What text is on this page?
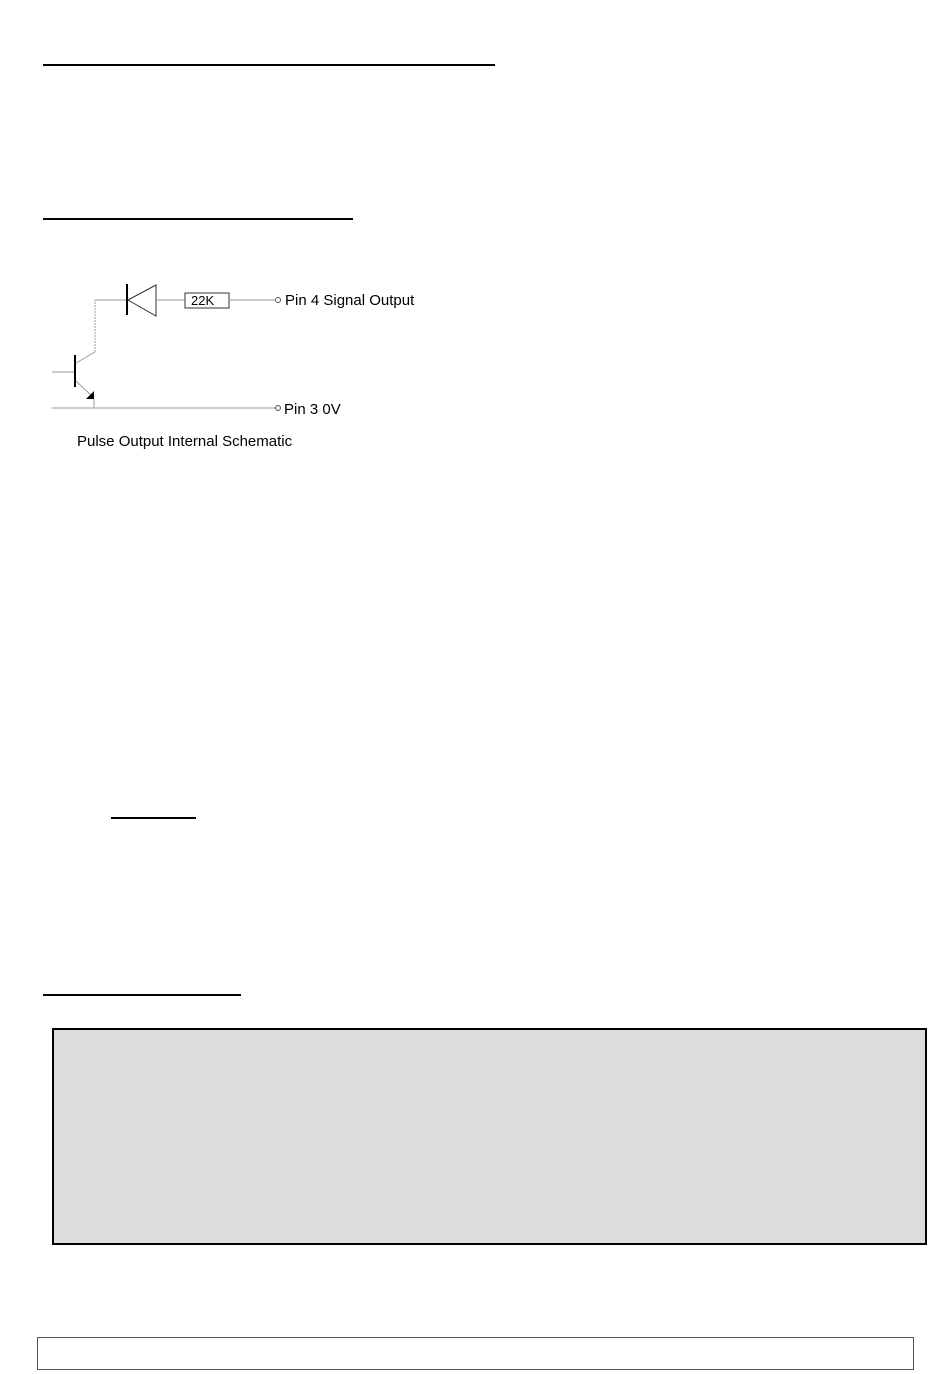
22K	Pin 4 Signal Output
Pin 3 0V
Pulse Output Internal Schematic
